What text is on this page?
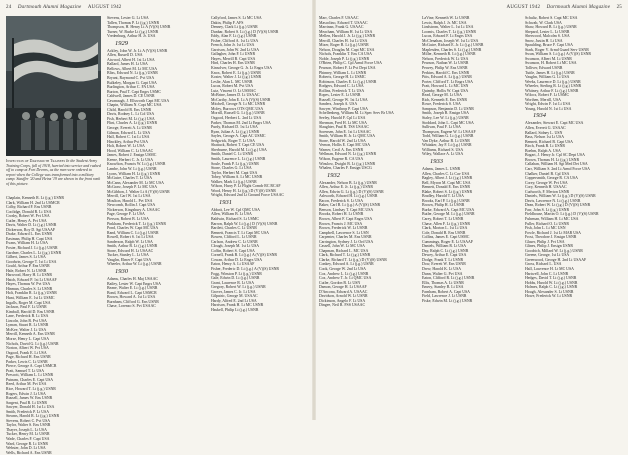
24 Dartmouth Alumni Magazine AUGUST 1942
Inspection of Dartmouth Trainees In the Student Army Training Corps, fall of 1918, hurried into service and rushed off to camp at Fort Devens, as the men were ordered to report when the College was transformed into a military camp. Stauffer '20 and Heinz '19 are shown in the front rank of this picture.
Chaplain, Kenneth R. Lt (j.g.) USNR
Clark, William H. 2nd Lt USMCR
Colby, Richard F. Ens USNR
Coolidge, Donald R. Lt USA
Crosby, Robert W. Pvt USA
Cutler, Henry A. Pvt USA
Davis, Walter D. Lt (j.g.) USNR
Dickerson, Roy D. Sgt USAAF
Drake, Edward L. Ens USNR
Eastman, Philip H. Capt USA
Evans, William H. Lt USA
Foster, Richard J. Lt (j.g.) USNR
Gardner, Charles L. Lt (j.g.) USNR
Gilbert, James S. Lt USA
Goodwin, George T. 1st Lt USA
Gould, Arthur P. Ens USNR
Hale, Robert N. Lt USNR
Harwood, Harry H. Lt USNR
Hatch, Edward P. 1st Lt USAAF
Hayes, Thomas W. Pvt USA
Hinman, Charles S. Lt USNR
Holt, Franklin R. Lt (j.g.) USNR
Hunt, William E. 1st Lt USMC
Ingalls, Roger M. Capt USA
Jackson, Paul F. Lt USNR
Kimball, Harold D. Ens USNR
Lane, Frederick B. Lt USA
Lincoln, John B. Pvt USA
Lyman, Stuart R. Lt USNR
McKee, Walter J. Lt USA
Merrill, Kenneth A. Ens USNR
Morse, Henry L. Capt USA
Nichols, David G. Lt (j.g.) USNR
Norton, Albert W. Pvt USA
Osgood, Frank E. Lt USA
Page, Richard H. Ens USNR
Parker, Lewis C. Lt USNR
Pierce, George A. Capt USMCR
Pratt, Samuel T. Lt USA
Prescott, William L. Lt USNR
Putnam, Charles E. Capt USA
Reed, Arthur M. Pvt USA
Rice, Howard T. Lt (j.g.) USNR
Rogers, Edwin J. Lt USA
Russell, James W. Ens USNR
Sargent, Paul B. Lt USNR
Sawyer, Donald H. 1st Lt USA
Smith, Frederick P. Lt USA
Stearns, Harold R. Lt (j.g.) USNR
Stevens, Robert C. Pvt USA
Taylor, Walter S. Ens USNR
Thayer, Joseph L. Lt USA
Tucker, Henry M. Lt USNR
Wade, Charles F. Capt USA
Ward, George R. Lt USNR
Webster, John D. Lt USA
Wells, Richard A. Ens USNR
Stevens, Lester G. Lt USA
Tallen, Thomas P. Lt (j.g.) USNR
Thompson, H. Henry Lt A (V)(S) USNR
Turner, W. Burke Lt (j.g.) USNR
Vredenburg, Arthur H. Jr. USA
1929
Ackley, John W. Jr. Lt A (V)(S) USNR
Allen, Russell D. USA
Atwood, Albert H. 1st Lt USA
Ballard, James H. Lt USA
Bellows, Albert M. Lt MC USA
Bliss, Edward N. Lt (j.g.) USNR
Bryant, Raymond C. Pvt USA
Bulkeley, Morgan G. Capt USA
Burlington, Arthur C. FA USA
Burton, Paul T. Capt Engrs USMC
Caldwell, James D. CE USNR
Cavanaugh, J. Ellsworth Capt MC USA
Chapin, William N. Capt MC USA
Child, Harold B. Ens USNR
Davis, Rodney L. Lt Col USA
Fish, Herbert M. Lt (j.g.) USA
Flint, Charles A. Lt (j.g.) USNR
George, Everett A. Lt USNR
Gilman, Edward L. Lt USA
Hall, Robert C. 1st Lt USA
Hinckley, Arthur Pvt USA
Holt, Robert W. Lt USA
Hood, William C. Lt USAAC
James, Robert J. Ensign USMC
Keene, Herbert C. Jr. Lt USA
Knowlton, Francis W. Lt (j.g.) USNR
Lambe, John W. Lt (j.g.) USNR
Lyons, William H. Lt (j.g.) USNR
McGuire, Charles T. Lt USA
McCann, Alexander M. Lt MC USA
McGraw, Joseph P. Lt MC USA
McGibbon, J. Walter Lt A (V)(S) USNR
Merrill, Carl W. 1st Lt USA
Moulton, Harold L. Pvt USA
Newcomb, Rollin J. Capt USA
Nickerson, Kingsbury A. USAAC
Page, George F. Lt USA
Pierson, Robert B. Lt USA
Pinkham, Frederick T. Lt (j.g.) USNR
Pond, Charles W. Capt MC USA
Rand, William C. Lt (j.g.) USNR
Rowell, Robert S. 1st Lt USA
Sanderson, Ralph W. Lt USA
Smith, Arthur B. Lt (j.g.) USNR
Stone, Edward H. Lt USAAC
Tucker, Stanley L. Lt USA
Vaughn, Elmer F. Capt USA
Wheeler, Arthur W. Lt (j.g.) USNR
1930
Adams, Charles H. Maj USAAC
Bailey, Lester W. Capt Engrs USA
Beane, Walter E. Lt (j.g.) USNR
Bond, Edward L. Capt USMCR
Brown, Howard A. 1st Lt USA
Burnham, Clifford G. Ens USNR
Chase, Lorenzo S. Pvt USAAC
Callyford, James S. Lt MC USA
Dakin, Philip F. AFS
Denney, Clark Lt (j.g.) USNR
Dunbar, Robert S. Lt (j.g.) D (V)(S) USNR
Eddy, Alan F. Lt (j.g.) USNR
Fisher, Clifford A. 1st Lt USA
French, John Jr. 1st Lt USA
Garrison, John W. 2nd Lt USA
Gallagher, John F. Lt USNR
Hayes, Merrill B. Capt USA
Hird, Charles H. Ens USNR
Kinsolver, George G. Jr. Lt Engrs USA
Knox, Robert E. Lt (j.g.) USNR
Koster, Walter J. Lt (j.g.) USNR
Leslie, Alan L. MC USNR
Lucas, Robert M. Pvt USA
Lutz, Vincent O. Lt USMAC
McBrine, James D. Lt USAAC
McCarthy, John E. Lt A (V)(S) USNR
Mitchell, George N. Lt MC USNR
Moley, Burrows OTS QMC USA
Morrill, Russell G. Lt (j.g.) USNR
Osgood, Herbert L. 2nd Lt USA
Parker, Thomas M. 2nd Lt Engrs USA
Purdy, Richard D. 1st Lt USA
Ryan, Julian A. Lt (j.g.) USNR
Sayles, George A. Capt AC USMC
Sedgwick, Roger T. Lt USA
Shattuck, Robert T. Capt CE USA
Sherburne, Harold M. Lt (j.g.) USA
Smith, Daniel C. Lt USNR
Smith, Laurence L. Lt (j.g.) USNR
Soule, Frank P. Lt (j.g.) USNR
Stone, Charles G. Lt USA
Taylor, Herbert M. Capt USA
Tobey, William A. Lt MC USNR
Walker, Mark Lt (j.g.) USNR
Wilson, Harry P. Lt Flight Comdr RC RCAF
Wood, Henry H. Lt (j.g.) D (V)(S) USNR
Wright, Edward 2nd Lt Ground Force USAAC
1931
Abbott, Lee W. Cpl QMC USA
Allen, William B. Lt USA
Baldwin, Richard S. Lt USMC
Barron, Ralph W. Lt (j.g.) D (V)(S) USNR
Bartlett, Charles C. Lt USNR
Bennett, Francis T. Lt Capt MC USA
Bowen, Clifford L. Lt USNR
Carlson, Andrew C. Lt USNR
Clough, Joseph M. 1st Lt USA
Coffin, Robert S. Capt USA
Cornell, Frank B. Lt (j.g.) A (V)(S) USNR
Cowan, Arthur D. Lt Engrs USA
Eaton, Henry A. Lt USAAF
Fisher, Frederic D. Lt (j.g.) A (V)(S) USNR
Fogg, Winston P. Lt (j.g.) USNR
Gale, Edwin D. Lt (j.g.) USNR
Grant, Laurence R. Lt USA
Gregory, Robert W. Lt (j.g.) USNR
Grover, James C. Jr. Lt USA
Gilpatric, George M. USAAC
Hardy, Alfred E. 2nd Lt USA
Harrison, Frank H. Lt MC USNR
Haskell, Philip Lt (j.g.) USNR
AUGUST 1942 Dartmouth Alumni Magazine 25
Marr, Charles F. USAAC
Mascolino, Edward T. USAAC
Marrinan, Frank G. USAAC
Meacham, William H. 1st Lt USA
Mellen, Harold J. Jr. Lt (j.g.) USNR
Merrill, Charles H. 1st Lt USA
Mixer, Roger B. Lt (j.g.) USNR
Nelson, Douglas M. Capt MC USA
Nichols, Franklin T. Ens CA USA
Noble, Joseph P. Lt (j.g.) USNR
O'Brien, Philip C. Cpl Armd Force USA
Pearson, Robert F. Lt Pvt Dept USA
Phinney, William L. Lt USNR
Roberts, George H. Lt USMC
Robinson, Charles E. Lt (j.g.) USNR
Rodgers, Edward C. Lt USA
Rollins, Frederick T. Lt USA
Ropes, Lester E. Lt USNR
Russell, George W. 1st Lt USA
Sanders, Joseph A. USA
Sawyer, Winthrop P. Capt USA
Schellenberg, William M. Lt Spec Serv Br USA
Seeley, Harold F. Cpl Lt USA
Sherman, Fred H. Lt MC USA
Slaughter, Paul R. TSS USAAC
Sorensen, John E. 1st Lt USAAC
Smith, William H. Jr. Lt QMC USA
Stone, Harold W. 2nd Lt USA
Vernon, Hollis E. Capt MC USA
Warner, Cecil A. Ens USNR
Wellman, Edward N. Lt (j.g.) USNR
Wilson, Eugene R. CA USA
Winslow, Dwight B. Lt (j.g.) USNR
Whalen, Charles F. Ensign USCG
1932
Alexander, Nelson B. Lt (j.g.) USNR
Allen, Arthur E. Jr. Lt (j.g.) USNR
Allen, Edwin G. Lt (j.g.) D (V)(S) USNR
Ashworth, Edward H. Lt (j.g.) USNR
Bacon, Frederick S. Lt USA
Baker, Carl B. Lt (j.g.) A (V)(S) USNR
Benson, Lindsay T. Capt MC USA
Brooks, Robert H. Lt USNR
Brown, Albert F. Capt Engrs USA
Brown, Francis J. MC USA
Brown, Frederick W. Lt USNR
Campbell, Lawrence S. Lt USN
Carpenter, Charles M. Ens USNR
Carrington, Sydney J. Lt Ord USA
Cassell, John W. Lt MC USA
Chapman, Richard L. MC USA
Clark, Richard T. Lt (j.g.) USNR
Clarke, Richard T. Lt (j.g.) D (V)(S) USNR
Conkey, Edward A. Lt (j.g.) USNR
Cook, George W. 2nd Lt USA
Cox, Andrew L. Lt (j.g.) USNR
Cox, Andrew T. Jr. Lt QMC USA
Cutler, Gordon B. Lt USN
Damon, George H. Lt USAAF
D'Ancona, Edward A. USAAC
Davidson, Arnold W. Lt USNR
Dickinson, Angelo F. Lt USA
Dingee, Neil R. FSS USAAC
LaVine, Kenneth W. Lt USNR
Lewis, Ralph J. Jr. MC USA
Lindstrom, Walter L. 1st Lt USA
Loomis, Charles T. Lt (j.g.) USNR
Lucas, Edward F. Lt Engrs USA
McClenahan, Joseph W. 1st Lt USA
McGuire, Richard E. Jr. Lt (j.g.) USNR
Maplesden, Charles S. Lt (j.g.) USNR
Miller, Kenneth R. Lt (j.g.) USNR
Nelson, Frederick W. Lt USA
Pearson, Nathan W. Lt USNR
Peavey, Philip W. Ens USNR
Perkins, Harold C. Ens USNR
Pitts, Edward A. Lt (j.g.) USNR
Porter, Clifford T. Lt Engrs USA
Pratt, Howard L. Lt MC USN
Quimby, Hollis W. Capt USA
Read, George M. Lt USA
Rich, Kenneth E. Ens USNR
Rowe, Frederick S. USA
Sampson, Benjamin D. Lt USNR
Smith, Joseph B. Ensign USA
Staley, Lee W. Lt (j.g.) USNR
Stoddard, John L. Capt MC USA
Sullivan, Paul F. Lt USA
Thompson, Eugene W. Lt USAAF
Todd, William G. Lt (j.g.) USNR
Van Dyke, Arthur B. Lt USNR
Whitaker, Jay F. Lt (j.g.) USNR
Williams, Richard S. USA
Wiley, Wallace A. Lt USA
1933
Adams, James L. USNR
Allen, Charles C. Lt Cav USA
Bagley, Albert J. Lt (j.g.) USNR
Bell, Myron M. Capt MC USA
Bennett, Donald E. Ens USNR
Blake, Robert S. Lt (j.g.) USNR
Bradley, Harold T. Lt USA
Brooks, Earl P. Lt (j.g.) USNR
Brown, Philip H. Lt USNR
Burke, Edward A. Capt MC USA
Butler, George M. Lt (j.g.) USNR
Carey, Robert T. Lt USNR
Chase, Allen F. Lt (j.g.) USNR
Clark, Morton L. 1st Lt USA
Cole, Donald B. Ens USNR
Collins, James E. Capt USMC
Cummings, Roger E. Lt USAAF
Daniels, William R. Lt USA
Day, Ralph C. Lt (j.g.) USNR
Dewey, Arthur E. Capt USA
Dodge, Frank T. Lt USNR
Dow, Everett W. Ens USNR
Drew, Harold K. Lt USA
Dunn, Walter G. Pvt USA
Eaton, Clifford R. Lt (j.g.) USNR
Ellis, Thomas A. Lt USNR
Emery, Stanley B. Lt USA
Farnham, Robert A. Capt USA
Field, Lawrence J. Lt USNR
Fiske, Edwin M. Lt (j.g.) USNR
Schultz, Robert S. Capt MC USA
Schwab, W. Clark USA
Shaw, Howard B. Lt (j.g.) USNR
Shepard, Lester L. Lt USNR
Sherwood, Malcolm S. USA
Snow, Justin H. Lt USA
Spaulding, Bruce F. Capt USA
Stark, Roger V. Armd Guard Serv USNR
Swan, William S. Lt (j.g.) A (V)(S) USNR
Swanson, Albert M. Lt USNR
Swanson, H. Robert Lt MC USA
Tolliver, Edward USNR
Tuttle, James H. Lt (j.g.) USNR
Vaughn, William G. Lt USA
Weeks, Laurence D. Lt (j.g.) USNR
Wheeler, Sterling R. Lt (j.g.) USNR
Whitney, Arthur F. Lt (j.g.) USNR
Wilcox, Robert F. Lt USMC
Worthen, Merrill, USA
Wright, Edwin F. 1st Lt USA
Young, Harold N. 1st Lt USA
1934
Alexander, Stewart E. Capt MC USA
Allen, Everett G. USAAC
Ballard, Sidney L. USN
Bass, Nelson 1st Lt USA
Bennett, Richard B. Capt USA
Birch, Frank B. Lt USNR
Boehm, Ralph A. USA
Bogart, J. Henry Jr. Cpl SC Dept USA
Brown, Thomas H. Lt (j.g.) USNR
Callahan, William H. Sgt Med Det USA
Carr, William S. 2nd Lt Armd Force USA
Chalker, Daniel B. Cpl USA
Coppersmith, George R. CA USA
Corey, George W. Pvt USA
Cory, Kenneth H. USAAC
Cudworth, F. Merton USNR
Daniels, William W. Lt (j.g.) D (V)(S) USNR
Davis, Lawrence N. Lt (j.g.) USNR
Dean, Robert W. Lt (j.g.) D (V)(S) USNR
Farr, John S. Lt (j.g.) USNR
Fieldhouse, Martin O. Lt (j.g.) D (V)(S) USNR
Fuhrman, William H. Lt MC USA
Fuller, Richard O. Lt USNR
Fish, John L. Lt MC USN
Fowle, Richard J. 1st Lt MAR USA
Frost, Theodore J. Ensign USNR
Glaser, Philip J. Pvt USA
Glines, Philip J. Ensign USNR
Goodrich, Millard W. Lt (j.g.) USNR
Greene, George, 1st Lt USA
Greenwood, George H. 2nd Lt USAAF
Gross, Richard L. USA
Hall, Lawrence H. Lt MC USA
Hartwell, John C. Lt USNR
Hedges, David T. Lt (j.g.) USNR
Hobbs, Harold W. Lt (j.g.) USNR
Holmes, Ralph C. Lt (j.g.) USNR
Hough, Alexander S. Lt USNR
Howe, Frederick W. Lt USNR
